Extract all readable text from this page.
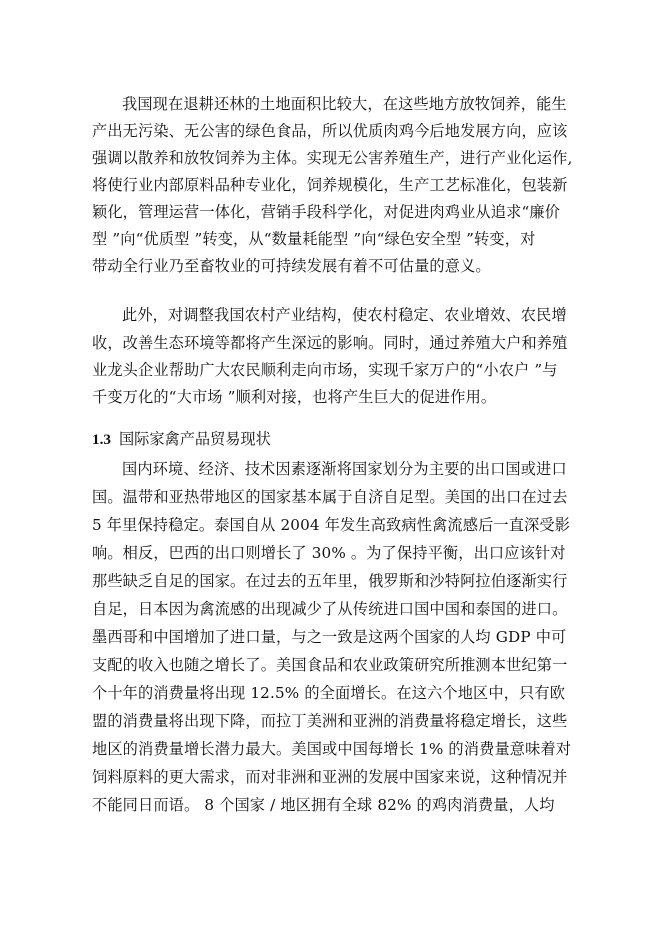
我国现在退耕还林的土地面积比较大，在这些地方放牧饲养，能生
产出无污染、无公害的绿色食品，所以优质肉鸡今后地发展方向，应该
强调以散养和放牧饲养为主体。实现无公害养殖生产，进行产业化运作,
将使行业内部原料品种专业化，饲养规模化，生产工艺标准化，包装新
颖化，管理运营一体化，营销手段科学化，对促进肉鸡业从追求“廉价
型 ”向“优质型 ”转变，从“数量耗能型 ”向“绿色安全型 ”转变，对
带动全行业乃至畜牧业的可持续发展有着不可估量的意义。
此外，对调整我国农村产业结构，使农村稳定、农业增效、农民增
收，改善生态环境等都将产生深远的影响。同时，通过养殖大户和养殖
业龙头企业帮助广大农民顺利走向市场，实现千家万户的“小农户 ”与
千变万化的“大市场 ”顺利对接，也将产生巨大的促进作用。
1.3 国际家禽产品贸易现状
国内环境、经济、技术因素逐渐将国家划分为主要的出口国或进口
国。温带和亚热带地区的国家基本属于自济自足型。美国的出口在过去
5 年里保持稳定。泰国自从 2004 年发生高致病性禽流感后一直深受影
响。相反，巴西的出口则增长了 30% 。为了保持平衡，出口应该针对
那些缺乏自足的国家。在过去的五年里，俄罗斯和沙特阿拉伯逐渐实行
自足，日本因为禽流感的出现减少了从传统进口国中国和泰国的进口。
墨西哥和中国增加了进口量，与之一致是这两个国家的人均 GDP 中可
支配的收入也随之增长了。美国食品和农业政策研究所推测本世纪第一
个十年的消费量将出现 12.5% 的全面增长。在这六个地区中，只有欧
盟的消费量将出现下降，而拉丁美洲和亚洲的消费量将稳定增长，这些
地区的消费量增长潜力最大。美国或中国每增长 1% 的消费量意味着对
饲料原料的更大需求，而对非洲和亚洲的发展中国家来说，这种情况并
不能同日而语。 8 个国家 / 地区拥有全球 82% 的鸡肉消费量，人均
